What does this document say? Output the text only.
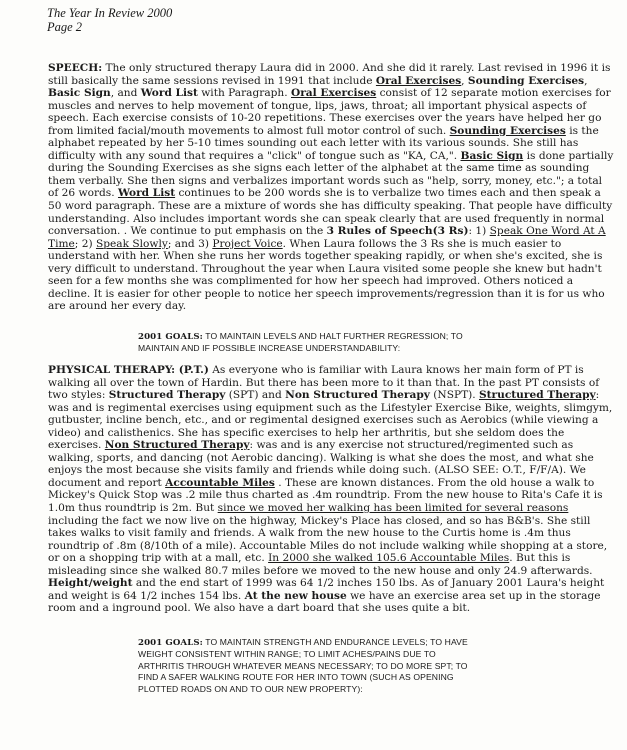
The Year In Review 2000
Page 2
SPEECH: The only structured therapy Laura did in 2000. And she did it rarely. Last revised in 1996 it is still basically the same sessions revised in 1991 that include Oral Exercises, Sounding Exercises, Basic Sign, and Word List with Paragraph. Oral Exercises consist of 12 separate motion exercises for muscles and nerves to help movement of tongue, lips, jaws, throat; all important physical aspects of speech. Each exercise consists of 10-20 repetitions. These exercises over the years have helped her go from limited facial/mouth movements to almost full motor control of such. Sounding Exercises is the alphabet repeated by her 5-10 times sounding out each letter with its various sounds. She still has difficulty with any sound that requires a "click" of tongue such as "KA, CA,". Basic Sign is done partially during the Sounding Exercises as she signs each letter of the alphabet at the same time as sounding them verbally. She then signs and verbalizes important words such as "help, sorry, money, etc."; a total of 26 words. Word List continues to be 200 words she is to verbalize two times each and then speak a 50 word paragraph. These are a mixture of words she has difficulty speaking. That people have difficulty understanding. Also includes important words she can speak clearly that are used frequently in normal conversation. . We continue to put emphasis on the 3 Rules of Speech(3 Rs): 1) Speak One Word At A Time; 2) Speak Slowly; and 3) Project Voice. When Laura follows the 3 Rs she is much easier to understand with her. When she runs her words together speaking rapidly, or when she's excited, she is very difficult to understand. Throughout the year when Laura visited some people she knew but hadn't seen for a few months she was complimented for how her speech had improved. Others noticed a decline. It is easier for other people to notice her speech improvements/regression than it is for us who are around her every day.
2001 GOALS: TO MAINTAIN LEVELS AND HALT FURTHER REGRESSION; TO
MAINTAIN AND IF POSSIBLE INCREASE UNDERSTANDABILITY:
PHYSICAL THERAPY: (P.T.) As everyone who is familiar with Laura knows her main form of PT is walking all over the town of Hardin. But there has been more to it than that. In the past PT consists of two styles: Structured Therapy (SPT) and Non Structured Therapy (NSPT). Structured Therapy: was and is regimental exercises using equipment such as the Lifestyler Exercise Bike, weights, slimgym, gutbuster, incline bench, etc., and or regimental designed exercises such as Aerobics (while viewing a video) and calisthenics. She has specific exercises to help her arthritis, but she seldom does the exercises. Non Structured Therapy: was and is any exercise not structured/regimented such as walking, sports, and dancing (not Aerobic dancing). Walking is what she does the most, and what she enjoys the most because she visits family and friends while doing such. (ALSO SEE: O.T., F/F/A). We document and report Accountable Miles . These are known distances. From the old house a walk to Mickey's Quick Stop was .2 mile thus charted as .4m roundtrip. From the new house to Rita's Cafe it is 1.0m thus roundtrip is 2m. But since we moved her walking has been limited for several reasons including the fact we now live on the highway, Mickey's Place has closed, and so has B&B's. She still takes walks to visit family and friends. A walk from the new house to the Curtis home is .4m thus roundtrip of .8m (8/10th of a mile). Accountable Miles do not include walking while shopping at a store, or on a shopping trip with at a mall, etc. In 2000 she walked 105.6 Accountable Miles. But this is misleading since she walked 80.7 miles before we moved to the new house and only 24.9 afterwards. Height/weight and the end start of 1999 was 64 1/2 inches 150 lbs. As of January 2001 Laura's height and weight is 64 1/2 inches 154 lbs. At the new house we have an exercise area set up in the storage room and a inground pool. We also have a dart board that she uses quite a bit.
2001 GOALS: TO MAINTAIN STRENGTH AND ENDURANCE LEVELS; TO HAVE
WEIGHT CONSISTENT WITHIN RANGE; TO LIMIT ACHES/PAINS DUE TO
ARTHRITIS THROUGH WHATEVER MEANS NECESSARY; TO DO MORE SPT; TO
FIND A SAFER WALKING ROUTE FOR HER INTO TOWN (SUCH AS OPENING
PLOTTED ROADS ON AND TO OUR NEW PROPERTY):
